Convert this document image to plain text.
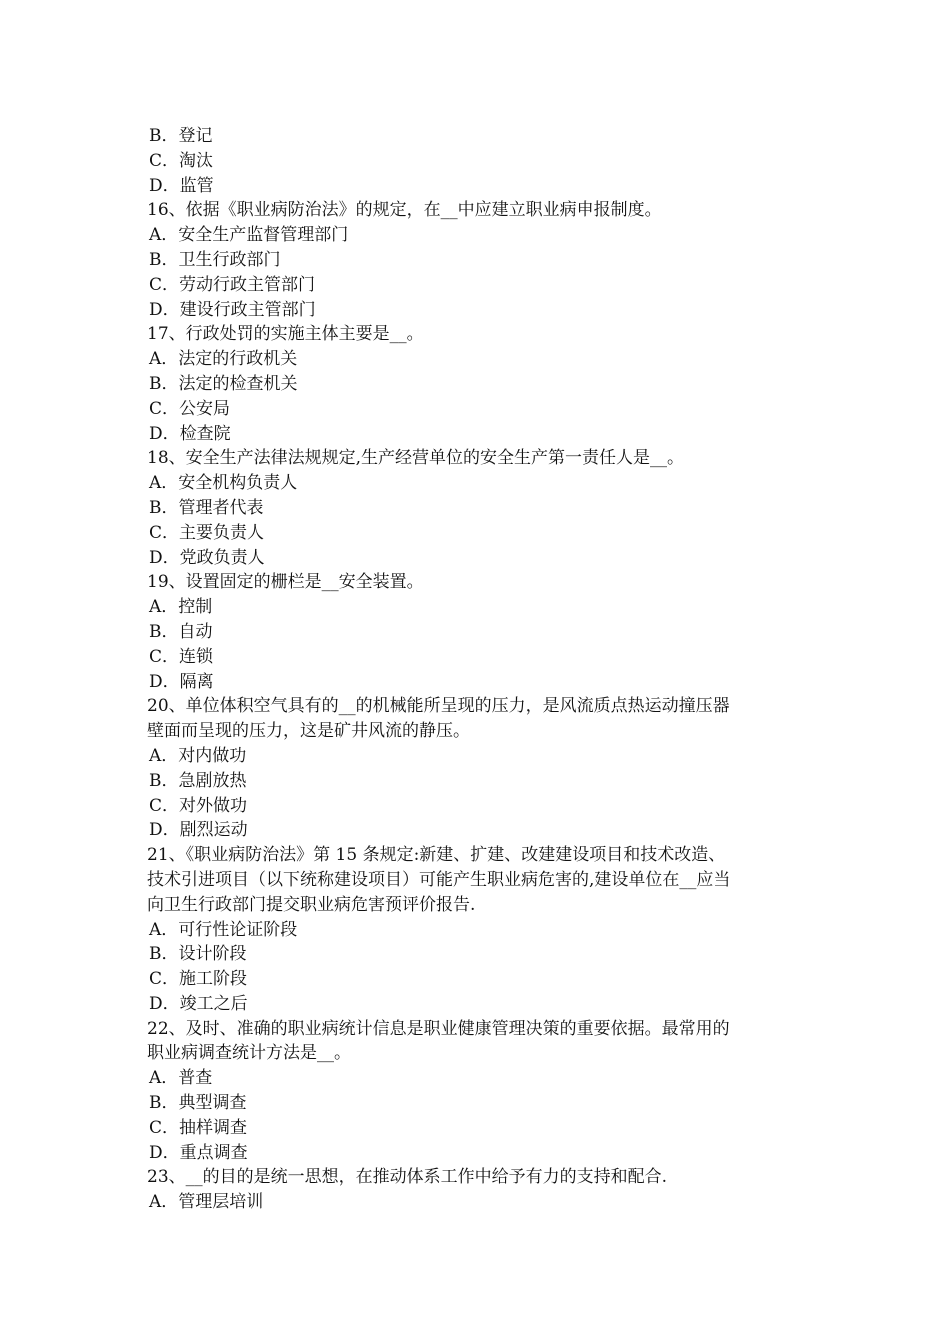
B．登记
C．淘汰
D．监管
16、依据《职业病防治法》的规定，在__中应建立职业病申报制度。
A．安全生产监督管理部门
B．卫生行政部门
C．劳动行政主管部门
D．建设行政主管部门
17、行政处罚的实施主体主要是__。
A．法定的行政机关
B．法定的检查机关
C．公安局
D．检查院
18、安全生产法律法规规定,生产经营单位的安全生产第一责任人是__。
A．安全机构负责人
B．管理者代表
C．主要负责人
D．党政负责人
19、设置固定的栅栏是__安全装置。
A．控制
B．自动
C．连锁
D．隔离
20、单位体积空气具有的__的机械能所呈现的压力，是风流质点热运动撞压器
壁面而呈现的压力，这是矿井风流的静压。
A．对内做功
B．急剧放热
C．对外做功
D．剧烈运动
21、《职业病防治法》第 15 条规定:新建、扩建、改建建设项目和技术改造、
技术引进项目（以下统称建设项目）可能产生职业病危害的,建设单位在__应当
向卫生行政部门提交职业病危害预评价报告.
A．可行性论证阶段
B．设计阶段
C．施工阶段
D．竣工之后
22、及时、准确的职业病统计信息是职业健康管理决策的重要依据。最常用的
职业病调查统计方法是__。
A．普查
B．典型调查
C．抽样调查
D．重点调查
23、__的目的是统一思想，在推动体系工作中给予有力的支持和配合.
A．管理层培训
